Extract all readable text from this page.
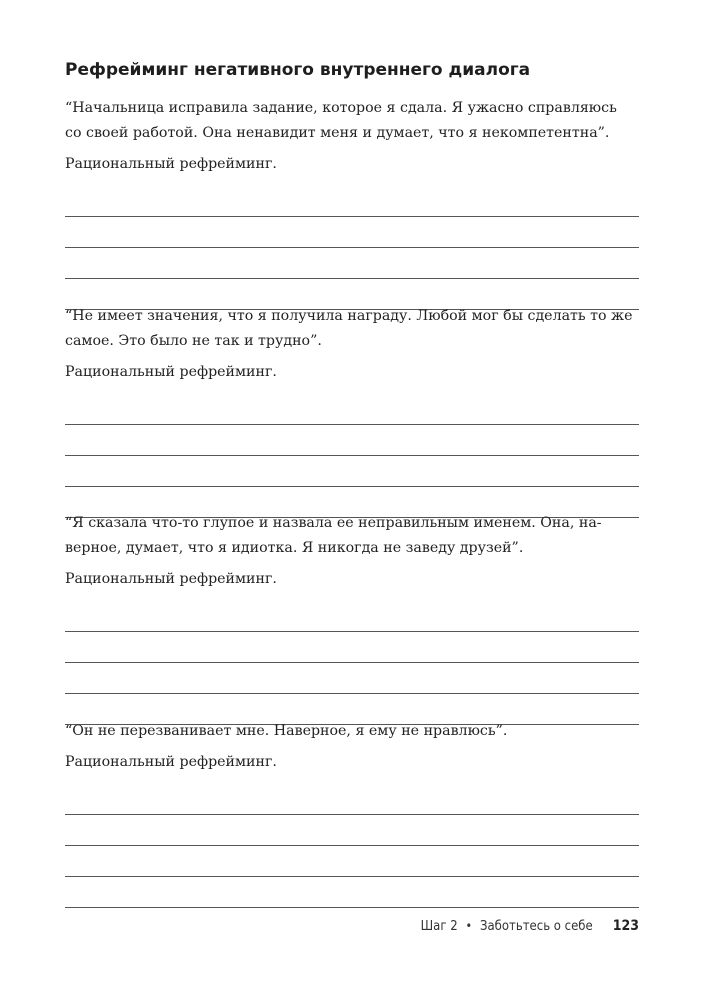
Рефрейминг негативного внутреннего диалога

“Начальница исправила задание, которое я сдала. Я ужасно справляюсь
со своей работой. Она ненавидит меня и думает, что я некомпетентна”.

Рациональный рефрейминг.

“Не имеет значения, что я получила награду. Любой мог бы сделать то же
самое. Это было не так и трудно”.

Рациональный рефрейминг.

“Я сказала что-то глупое и назвала ее неправильным именем. Она, на-
верное, думает, что я идиотка. Я никогда не заведу друзей”.

Рациональный рефрейминг.

“Он не перезванивает мне. Наверное, я ему не нравлюсь”.

Рациональный рефрейминг.

Шаг 2 • Заботьтесь о себе 123
